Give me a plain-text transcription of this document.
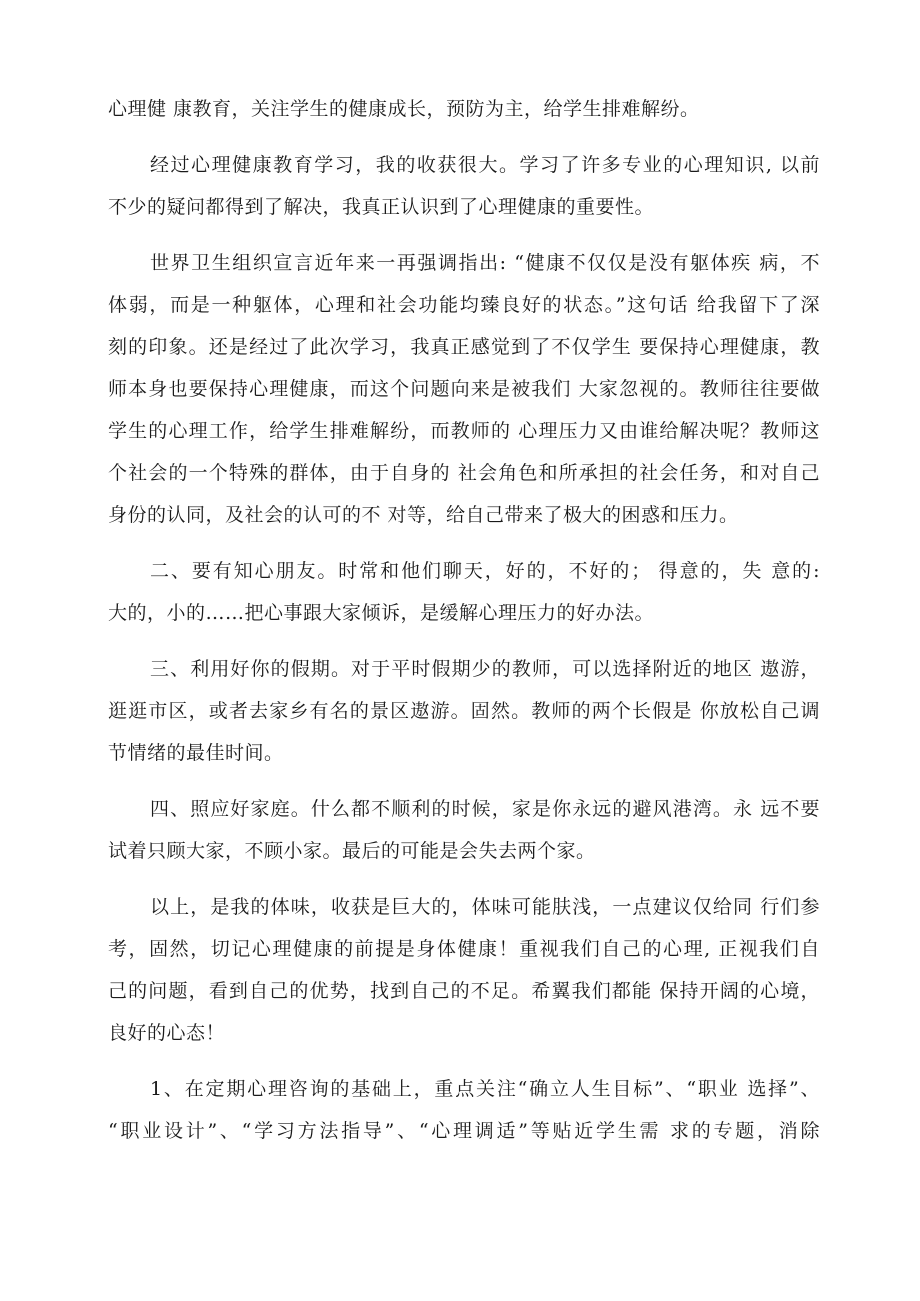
心理健 康教育，关注学生的健康成长，预防为主，给学生排难解纷。
经过心理健康教育学习，我的收获很大。学习了许多专业的心理知识, 以前
不少的疑问都得到了解决，我真正认识到了心理健康的重要性。
世界卫生组织宣言近年来一再强调指出: “健康不仅仅是没有躯体疾 病，不
体弱，而是一种躯体，心理和社会功能均臻良好的状态。”这句话 给我留下了深
刻的印象。还是经过了此次学习，我真正感觉到了不仅学生 要保持心理健康，教
师本身也要保持心理健康，而这个问题向来是被我们 大家忽视的。教师往往要做
学生的心理工作，给学生排难解纷，而教师的 心理压力又由谁给解决呢？教师这
个社会的一个特殊的群体，由于自身的 社会角色和所承担的社会任务，和对自己
身份的认同，及社会的认可的不 对等，给自己带来了极大的困惑和压力。
二、要有知心朋友。时常和他们聊天，好的，不好的； 得意的，失 意的:
大的，小的……把心事跟大家倾诉，是缓解心理压力的好办法。
三、利用好你的假期。对于平时假期少的教师，可以选择附近的地区 遨游，
逛逛市区，或者去家乡有名的景区遨游。固然。教师的两个长假是 你放松自己调
节情绪的最佳时间。
四、照应好家庭。什么都不顺利的时候，家是你永远的避风港湾。永 远不要
试着只顾大家，不顾小家。最后的可能是会失去两个家。
以上，是我的体味，收获是巨大的，体味可能肤浅，一点建议仅给同 行们参
考，固然，切记心理健康的前提是身体健康！重视我们自己的心理, 正视我们自
己的问题，看到自己的优势，找到自己的不足。希翼我们都能 保持开阔的心境，
良好的心态！
1、在定期心理咨询的基础上，重点关注“确立人生目标”、“职业 选择”、
“职业设计”、“学习方法指导”、“心理调适”等贴近学生需 求的专题，消除
